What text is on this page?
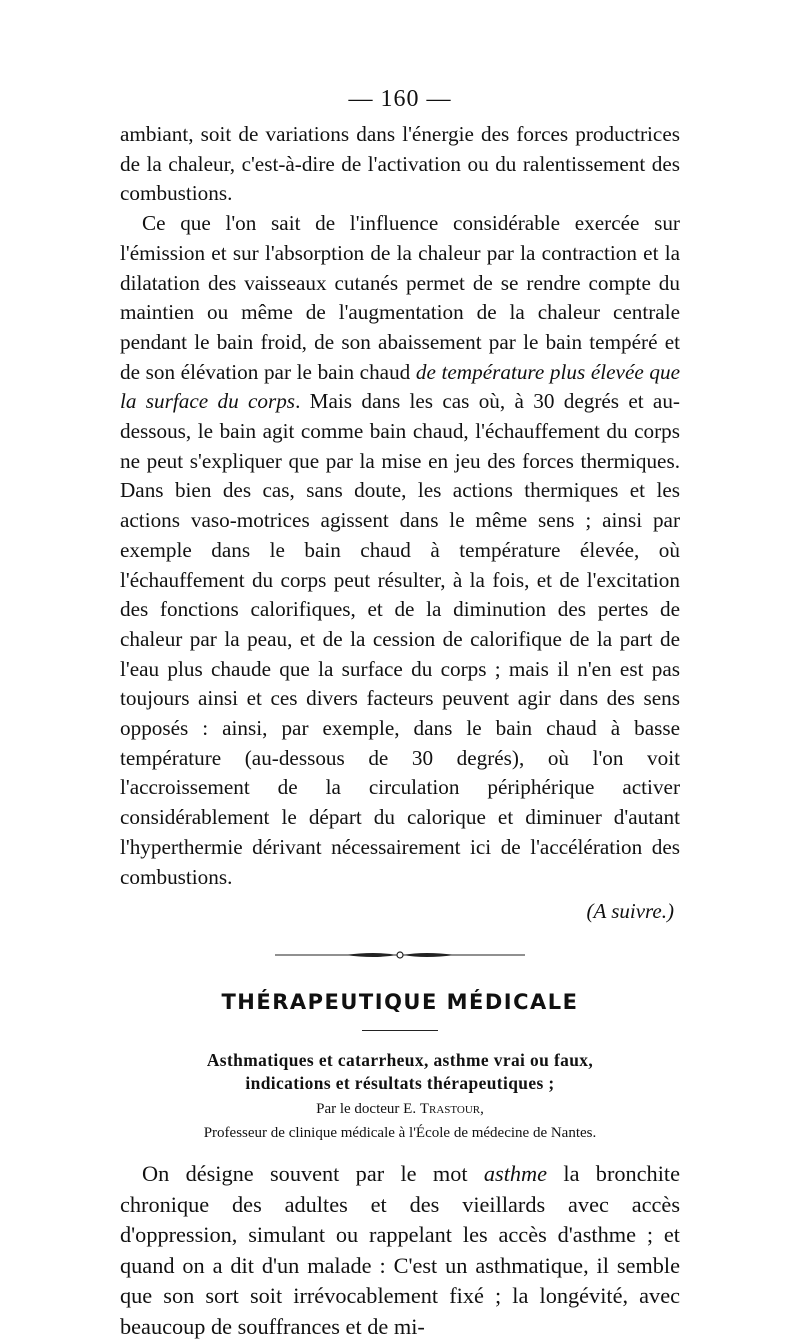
— 160 —

ambiant, soit de variations dans l'énergie des forces productrices de la chaleur, c'est-à-dire de l'activation ou du ralentissement des combustions.

Ce que l'on sait de l'influence considérable exercée sur l'émission et sur l'absorption de la chaleur par la contraction et la dilatation des vaisseaux cutanés permet de se rendre compte du maintien ou même de l'augmentation de la chaleur centrale pendant le bain froid, de son abaissement par le bain tempéré et de son élévation par le bain chaud de température plus élevée que la surface du corps. Mais dans les cas où, à 30 degrés et au-dessous, le bain agit comme bain chaud, l'échauffement du corps ne peut s'expliquer que par la mise en jeu des forces thermiques. Dans bien des cas, sans doute, les actions thermiques et les actions vaso-motrices agissent dans le même sens ; ainsi par exemple dans le bain chaud à température élevée, où l'échauffement du corps peut résulter, à la fois, et de l'excitation des fonctions calorifiques, et de la diminution des pertes de chaleur par la peau, et de la cession de calorifique de la part de l'eau plus chaude que la surface du corps ; mais il n'en est pas toujours ainsi et ces divers facteurs peuvent agir dans des sens opposés : ainsi, par exemple, dans le bain chaud à basse température (au-dessous de 30 degrés), où l'on voit l'accroissement de la circulation périphérique activer considérablement le départ du calorique et diminuer d'autant l'hyperthermie dérivant nécessairement ici de l'accélération des combustions.

(A suivre.)
THÉRAPEUTIQUE MÉDICALE
Asthmatiques et catarrheux, asthme vrai ou faux,
indications et résultats thérapeutiques ;
Par le docteur E. Trastour,
Professeur de clinique médicale à l'École de médecine de Nantes.

On désigne souvent par le mot asthme la bronchite chronique des adultes et des vieillards avec accès d'oppression, simulant ou rappelant les accès d'asthme ; et quand on a dit d'un malade : C'est un asthmatique, il semble que son sort soit irrévocablement fixé ; la longévité, avec beaucoup de souffrances et de mi-
